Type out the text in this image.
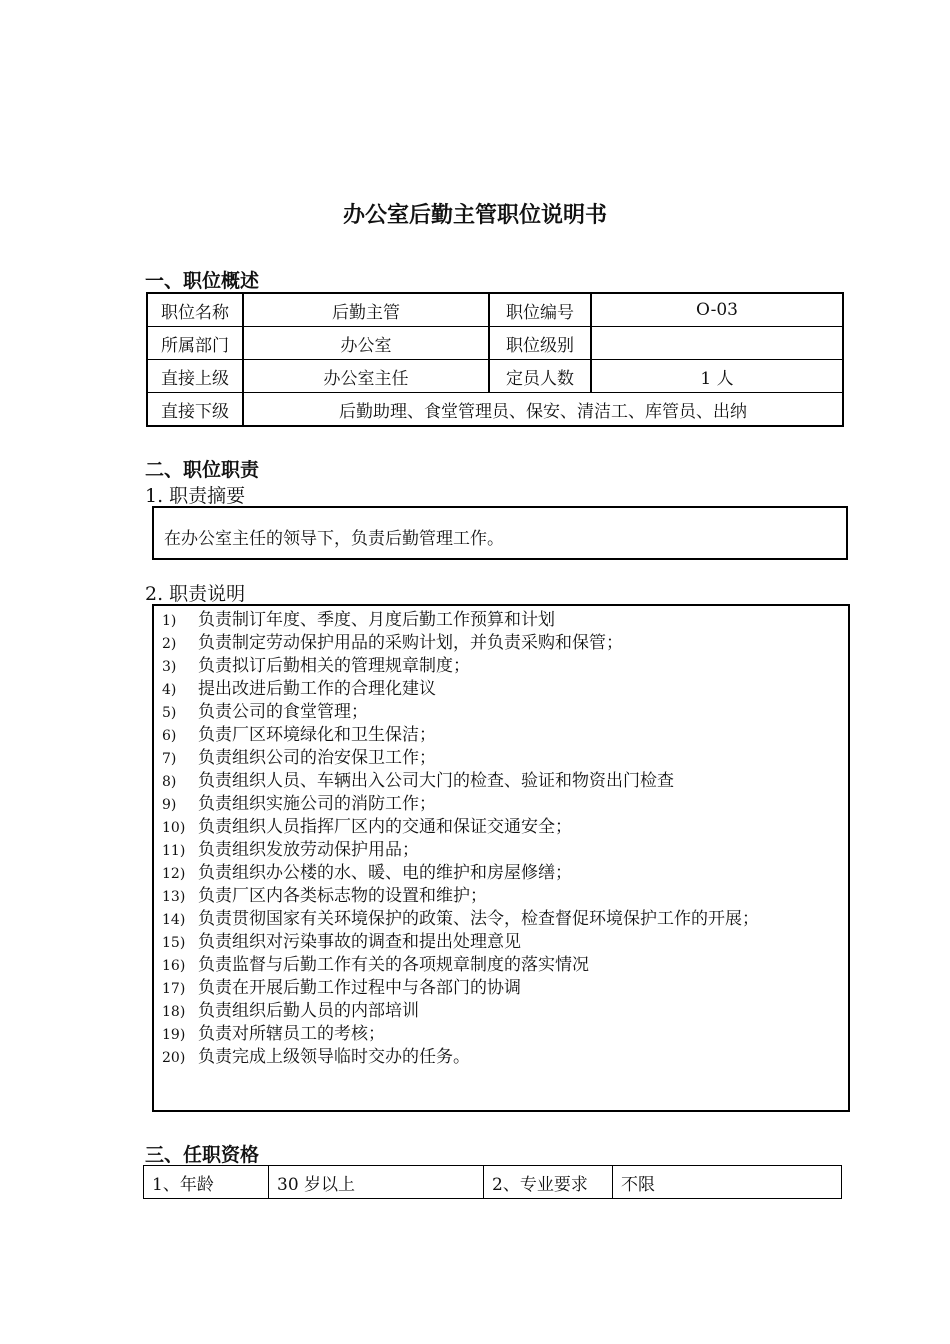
办公室后勤主管职位说明书
一、职位概述
职位名称	后勤主管	职位编号	O-03
所属部门	办公室	职位级别	
直接上级	办公室主任	定员人数	1 人
直接下级	后勤助理、食堂管理员、保安、清洁工、库管员、出纳		
二、职位职责
1. 职责摘要
在办公室主任的领导下，负责后勤管理工作。
2. 职责说明
1) 负责制订年度、季度、月度后勤工作预算和计划
2) 负责制定劳动保护用品的采购计划，并负责采购和保管；
3) 负责拟订后勤相关的管理规章制度；
4) 提出改进后勤工作的合理化建议
5) 负责公司的食堂管理；
6) 负责厂区环境绿化和卫生保洁；
7) 负责组织公司的治安保卫工作；
8) 负责组织人员、车辆出入公司大门的检查、验证和物资出门检查
9) 负责组织实施公司的消防工作；
10) 负责组织人员指挥厂区内的交通和保证交通安全；
11) 负责组织发放劳动保护用品；
12) 负责组织办公楼的水、暖、电的维护和房屋修缮；
13) 负责厂区内各类标志物的设置和维护；
14) 负责贯彻国家有关环境保护的政策、法令，检查督促环境保护工作的开展；
15) 负责组织对污染事故的调查和提出处理意见
16) 负责监督与后勤工作有关的各项规章制度的落实情况
17) 负责在开展后勤工作过程中与各部门的协调
18) 负责组织后勤人员的内部培训
19) 负责对所辖员工的考核；
20) 负责完成上级领导临时交办的任务。
三、任职资格
1、年龄	30 岁以上	2、专业要求	不限
